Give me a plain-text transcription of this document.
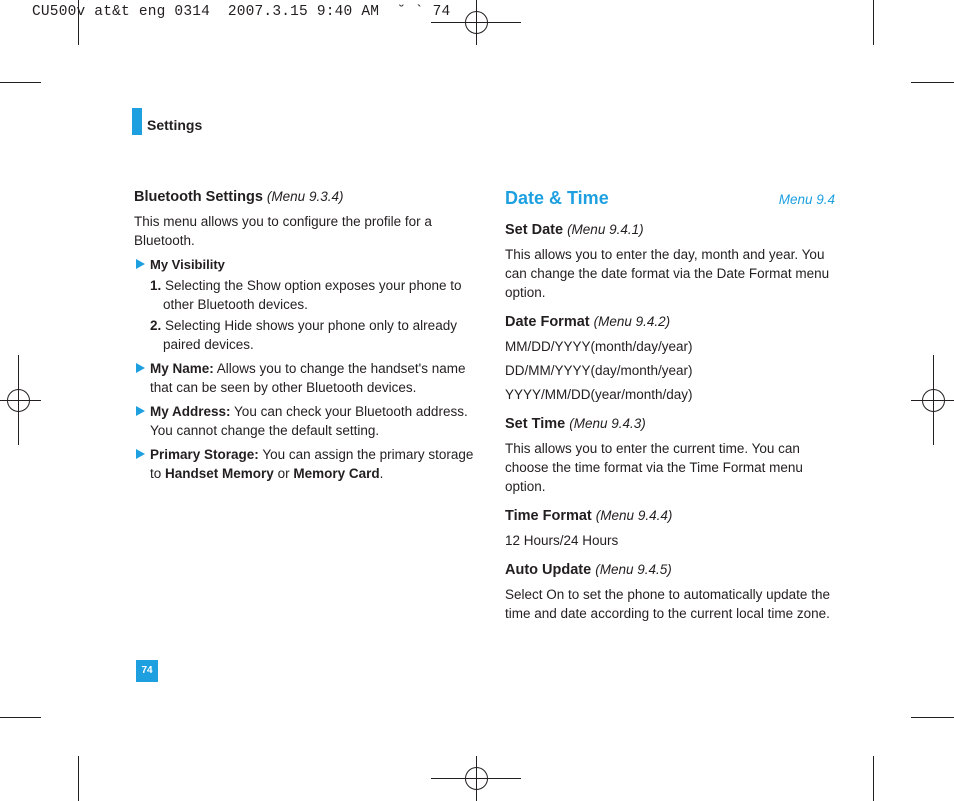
CU500v at&t eng 0314  2007.3.15 9:40 AM  ˘ ` 74
Settings
Bluetooth Settings (Menu 9.3.4)

This menu allows you to configure the profile for a Bluetooth.

My Visibility

1. Selecting the Show option exposes your phone to other Bluetooth devices.

2. Selecting Hide shows your phone only to already paired devices.

My Name: Allows you to change the handset's name that can be seen by other Bluetooth devices.
My Address: You can check your Bluetooth address. You cannot change the default setting.
Primary Storage: You can assign the primary storage to Handset Memory or Memory Card.
Date & Time	Menu 9.4
Set Date (Menu 9.4.1)

This allows you to enter the day, month and year. You can change the date format via the Date Format menu option.

Date Format (Menu 9.4.2)

MM/DD/YYYY(month/day/year)

DD/MM/YYYY(day/month/year)

YYYY/MM/DD(year/month/day)

Set Time (Menu 9.4.3)

This allows you to enter the current time. You can choose the time format via the Time Format menu option.

Time Format (Menu 9.4.4)

12 Hours/24 Hours

Auto Update (Menu 9.4.5)

Select On to set the phone to automatically update the time and date according to the current local time zone.

74
